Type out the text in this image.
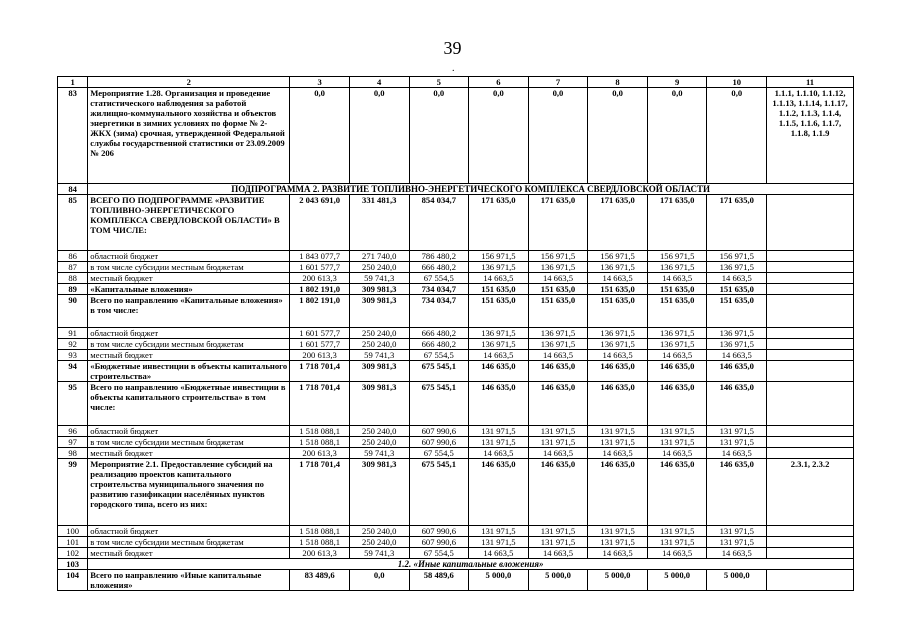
39
.
1	2	3	4	5	6	7	8	9	10	11
83	Мероприятие 1.28. Организация и проведение статистического наблюдения за работой жилищно-коммунального хозяйства и объектов энергетики в зимних условиях по форме № 2-ЖКХ (зима) срочная, утвержденной Федеральной службы государственной статистики от 23.09.2009 № 206	0,0	0,0	0,0	0,0	0,0	0,0	0,0	0,0	1.1.1, 1.1.10, 1.1.12, 1.1.13, 1.1.14, 1.1.17, 1.1.2, 1.1.3, 1.1.4, 1.1.5, 1.1.6, 1.1.7, 1.1.8, 1.1.9
84	ПОДПРОГРАММА 2. РАЗВИТИЕ ТОПЛИВНО-ЭНЕРГЕТИЧЕСКОГО КОМПЛЕКСА СВЕРДЛОВСКОЙ ОБЛАСТИ									
85	ВСЕГО ПО ПОДПРОГРАММЕ «РАЗВИТИЕ ТОПЛИВНО-ЭНЕРГЕТИЧЕСКОГО КОМПЛЕКСА СВЕРДЛОВСКОЙ ОБЛАСТИ» В ТОМ ЧИСЛЕ:	2 043 691,0	331 481,3	854 034,7	171 635,0	171 635,0	171 635,0	171 635,0	171 635,0	
86	областной бюджет	1 843 077,7	271 740,0	786 480,2	156 971,5	156 971,5	156 971,5	156 971,5	156 971,5	
87	в том числе субсидии местным бюджетам	1 601 577,7	250 240,0	666 480,2	136 971,5	136 971,5	136 971,5	136 971,5	136 971,5	
88	местный бюджет	200 613,3	59 741,3	67 554,5	14 663,5	14 663,5	14 663,5	14 663,5	14 663,5	
89	«Капитальные вложения»	1 802 191,0	309 981,3	734 034,7	151 635,0	151 635,0	151 635,0	151 635,0	151 635,0	
90	Всего по направлению «Капитальные вложения» в том числе:	1 802 191,0	309 981,3	734 034,7	151 635,0	151 635,0	151 635,0	151 635,0	151 635,0	
91	областной бюджет	1 601 577,7	250 240,0	666 480,2	136 971,5	136 971,5	136 971,5	136 971,5	136 971,5	
92	в том числе субсидии местным бюджетам	1 601 577,7	250 240,0	666 480,2	136 971,5	136 971,5	136 971,5	136 971,5	136 971,5	
93	местный бюджет	200 613,3	59 741,3	67 554,5	14 663,5	14 663,5	14 663,5	14 663,5	14 663,5	
94	«Бюджетные инвестиции в объекты капитального строительства»	1 718 701,4	309 981,3	675 545,1	146 635,0	146 635,0	146 635,0	146 635,0	146 635,0	
95	Всего по направлению «Бюджетные инвестиции в объекты капитального строительства» в том числе:	1 718 701,4	309 981,3	675 545,1	146 635,0	146 635,0	146 635,0	146 635,0	146 635,0	
96	областной бюджет	1 518 088,1	250 240,0	607 990,6	131 971,5	131 971,5	131 971,5	131 971,5	131 971,5	
97	в том числе субсидии местным бюджетам	1 518 088,1	250 240,0	607 990,6	131 971,5	131 971,5	131 971,5	131 971,5	131 971,5	
98	местный бюджет	200 613,3	59 741,3	67 554,5	14 663,5	14 663,5	14 663,5	14 663,5	14 663,5	
99	Мероприятие 2.1. Предоставление субсидий на реализацию проектов капитального строительства муниципального значения по развитию газификации населённых пунктов городского типа, всего из них:	1 718 701,4	309 981,3	675 545,1	146 635,0	146 635,0	146 635,0	146 635,0	146 635,0	2.3.1, 2.3.2
100	областной бюджет	1 518 088,1	250 240,0	607 990,6	131 971,5	131 971,5	131 971,5	131 971,5	131 971,5	
101	в том числе субсидии местным бюджетам	1 518 088,1	250 240,0	607 990,6	131 971,5	131 971,5	131 971,5	131 971,5	131 971,5	
102	местный бюджет	200 613,3	59 741,3	67 554,5	14 663,5	14 663,5	14 663,5	14 663,5	14 663,5	
103	1.2. «Иные капитальные вложения»									
104	Всего по направлению «Иные капитальные вложения»	83 489,6	0,0	58 489,6	5 000,0	5 000,0	5 000,0	5 000,0	5 000,0	
